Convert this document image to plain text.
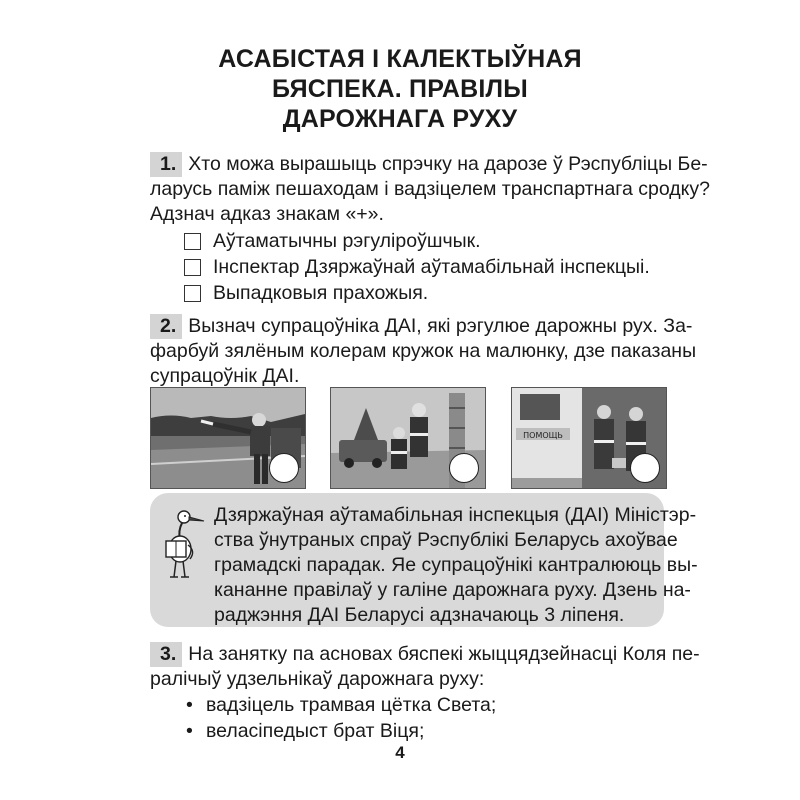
АСАБІСТАЯ І КАЛЕКТЫЎНАЯ
БЯСПЕКА. ПРАВІЛЫ
ДАРОЖНАГА РУХУ
1. Хто можа вырашыць спрэчку на дарозе ў Рэспубліцы Бе-
ларусь паміж пешаходам і вадзіцелем транспартнага сродку?
Адзнач адказ знакам «+».
Аўтаматычны рэгуліроўшчык.
Інспектар Дзяржаўнай аўтамабільнай інспекцыі.
Выпадковыя прахожыя.
2. Вызнач супрацоўніка ДАІ, які рэгулюе дарожны рух. За-
фарбуй зялёным колерам кружок на малюнку, дзе паказаны
супрацоўнік ДАІ.
ПОМОЩЬ
Дзяржаўная аўтамабільная інспекцыя (ДАІ) Міністэр-
ства ўнутраных спраў Рэспублікі Беларусь ахоўвае
грамадскі парадак. Яе супрацоўнікі кантралююць вы-
кананне правілаў у галіне дарожнага руху. Дзень на-
раджэння ДАІ Беларусі адзначаюць 3 ліпеня.
3. На занятку па асновах бяспекі жыццядзейнасці Коля пе-
ралічыў удзельнікаў дарожнага руху:
• вадзіцель трамвая цётка Света;
• веласіпедыст брат Віця;
4
